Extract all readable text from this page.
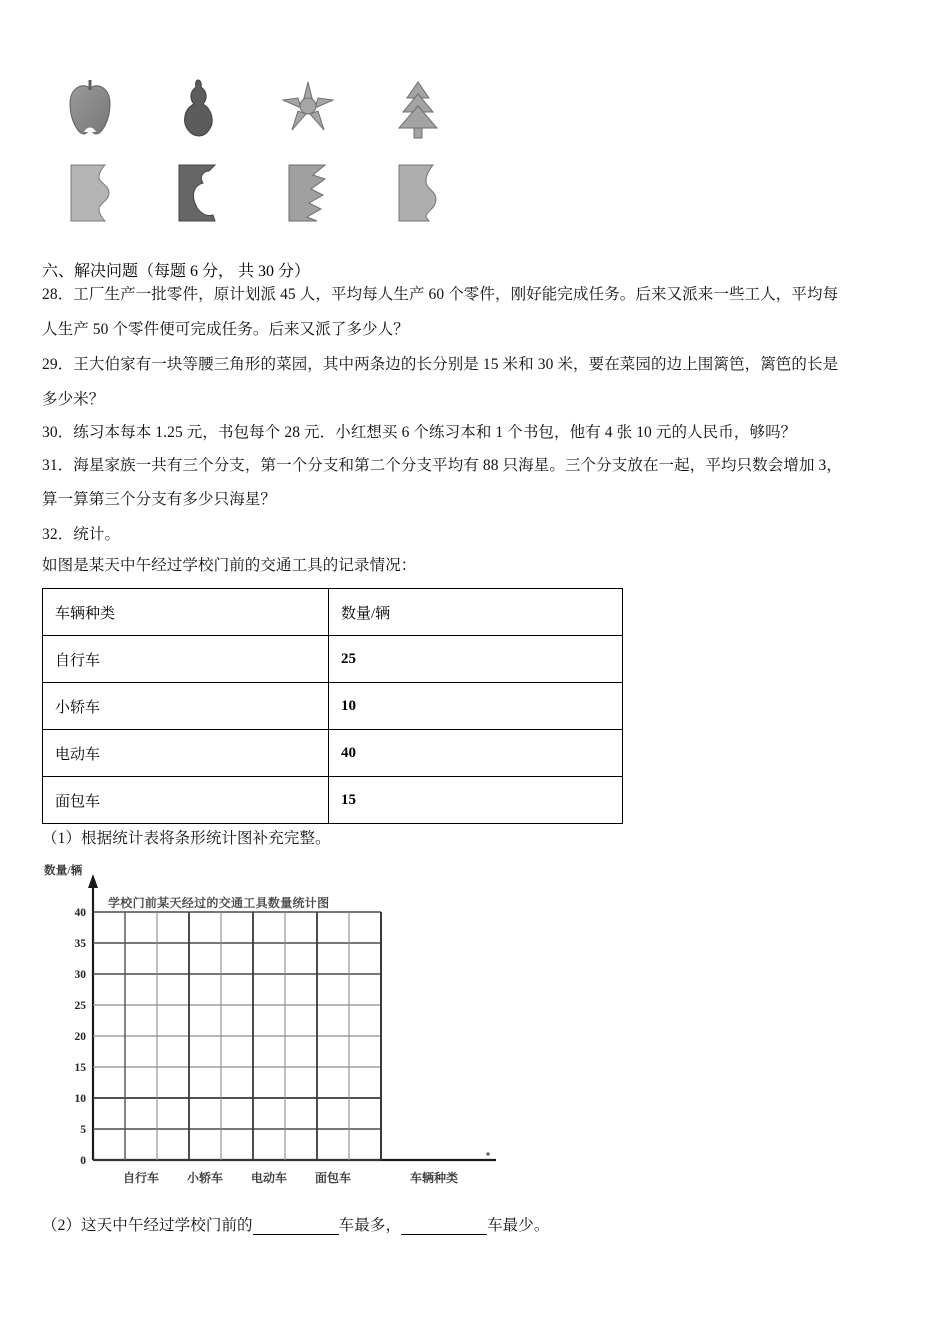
六、解决问题（每题 6 分， 共 30 分）
28．工厂生产一批零件，原计划派 45 人，平均每人生产 60 个零件，刚好能完成任务。后来又派来一些工人，平均每
人生产 50 个零件便可完成任务。后来又派了多少人？
29．王大伯家有一块等腰三角形的菜园，其中两条边的长分别是 15 米和 30 米，要在菜园的边上围篱笆，篱笆的长是
多少米？
30．练习本每本 1.25 元，书包每个 28 元．小红想买 6 个练习本和 1 个书包，他有 4 张 10 元的人民币，够吗？
31．海星家族一共有三个分支，第一个分支和第二个分支平均有 88 只海星。三个分支放在一起，平均只数会增加 3，
算一算第三个分支有多少只海星？
32．统计。
如图是某天中午经过学校门前的交通工具的记录情况：
车辆种类	数量/辆
自行车	25
小轿车	10
电动车	40
面包车	15
（1）根据统计表将条形统计图补充完整。
数量/辆
学校门前某天经过的交通工具数量统计图
0
5
10
15
20
25
30
35
40
自行车 小轿车 电动车 面包车	车辆种类
（2）这天中午经过学校门前的	车最多，	车最少。
